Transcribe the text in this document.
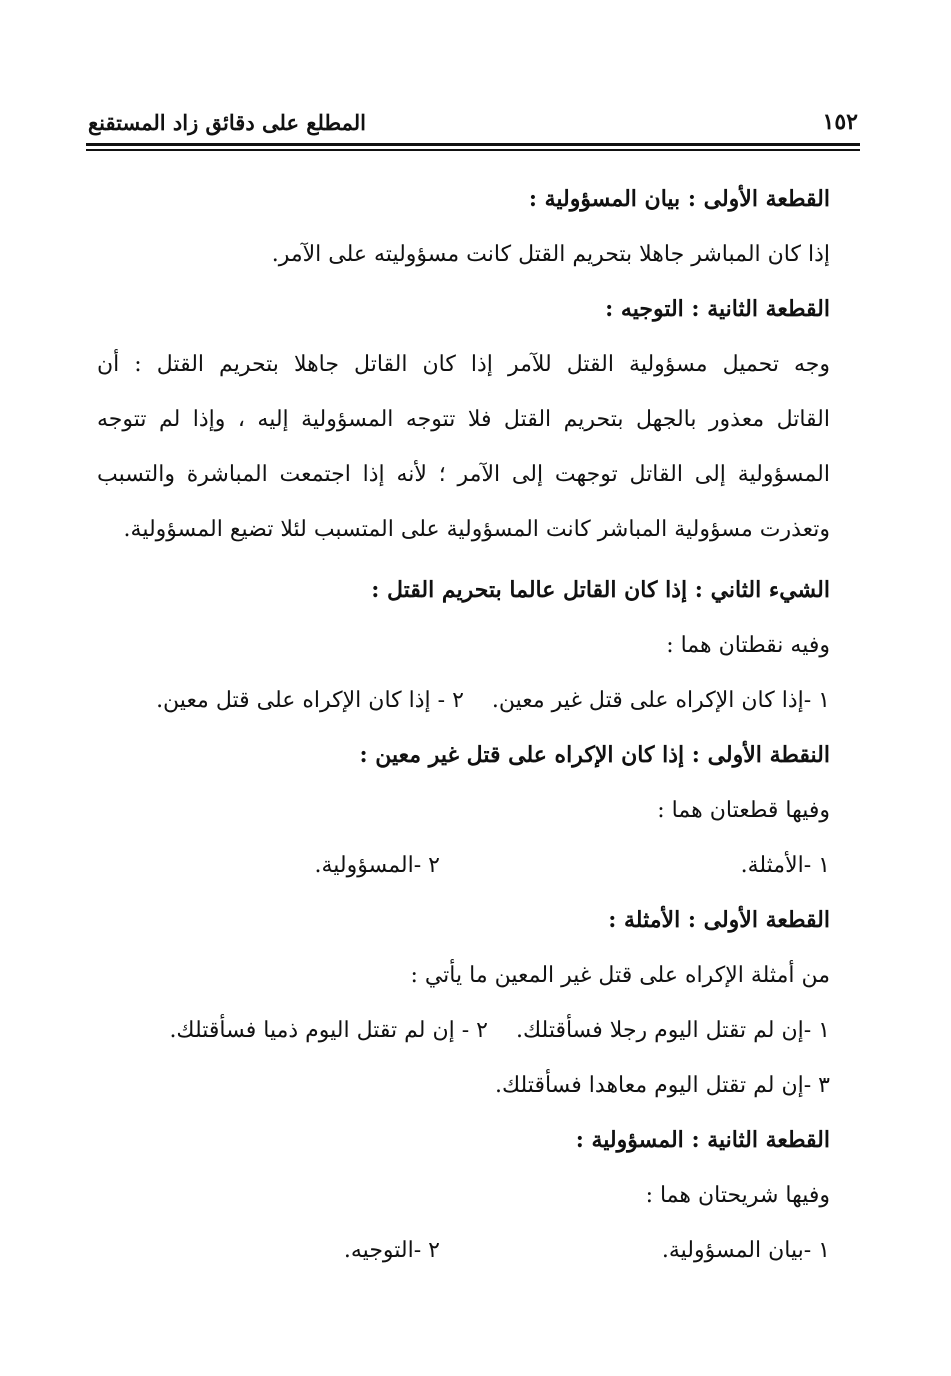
١٥٢
المطلع على دقائق زاد المستقنع
القطعة الأولى : بيان المسؤولية :
إذا كان المباشر جاهلا بتحريم القتل كانت مسؤوليته على الآمر.
القطعة الثانية : التوجيه :
وجه تحميل مسؤولية القتل للآمر إذا كان القاتل جاهلا بتحريم القتل : أن
القاتل معذور بالجهل بتحريم القتل فلا تتوجه المسؤولية إليه ، وإذا لم تتوجه
المسؤولية إلى القاتل توجهت إلى الآمر ؛ لأنه إذا اجتمعت المباشرة والتسبب
وتعذرت مسؤولية المباشر كانت المسؤولية على المتسبب لئلا تضيع المسؤولية.
الشيء الثاني : إذا كان القاتل عالما بتحريم القتل :
وفيه نقطتان هما :
١ -إذا كان الإكراه على قتل غير معين.٢ - إذا كان الإكراه على قتل معين.
النقطة الأولى : إذا كان الإكراه على قتل غير معين :
وفيها قطعتان هما :
١ -الأمثلة.
٢ -المسؤولية.
القطعة الأولى : الأمثلة :
من أمثلة الإكراه على قتل غير المعين ما يأتي :
١ -إن لم تقتل اليوم رجلا فسأقتلك.٢ - إن لم تقتل اليوم ذميا فسأقتلك.
٣ -إن لم تقتل اليوم معاهدا فسأقتلك.
القطعة الثانية : المسؤولية :
وفيها شريحتان هما :
١ -بيان المسؤولية.
٢ -التوجيه.
